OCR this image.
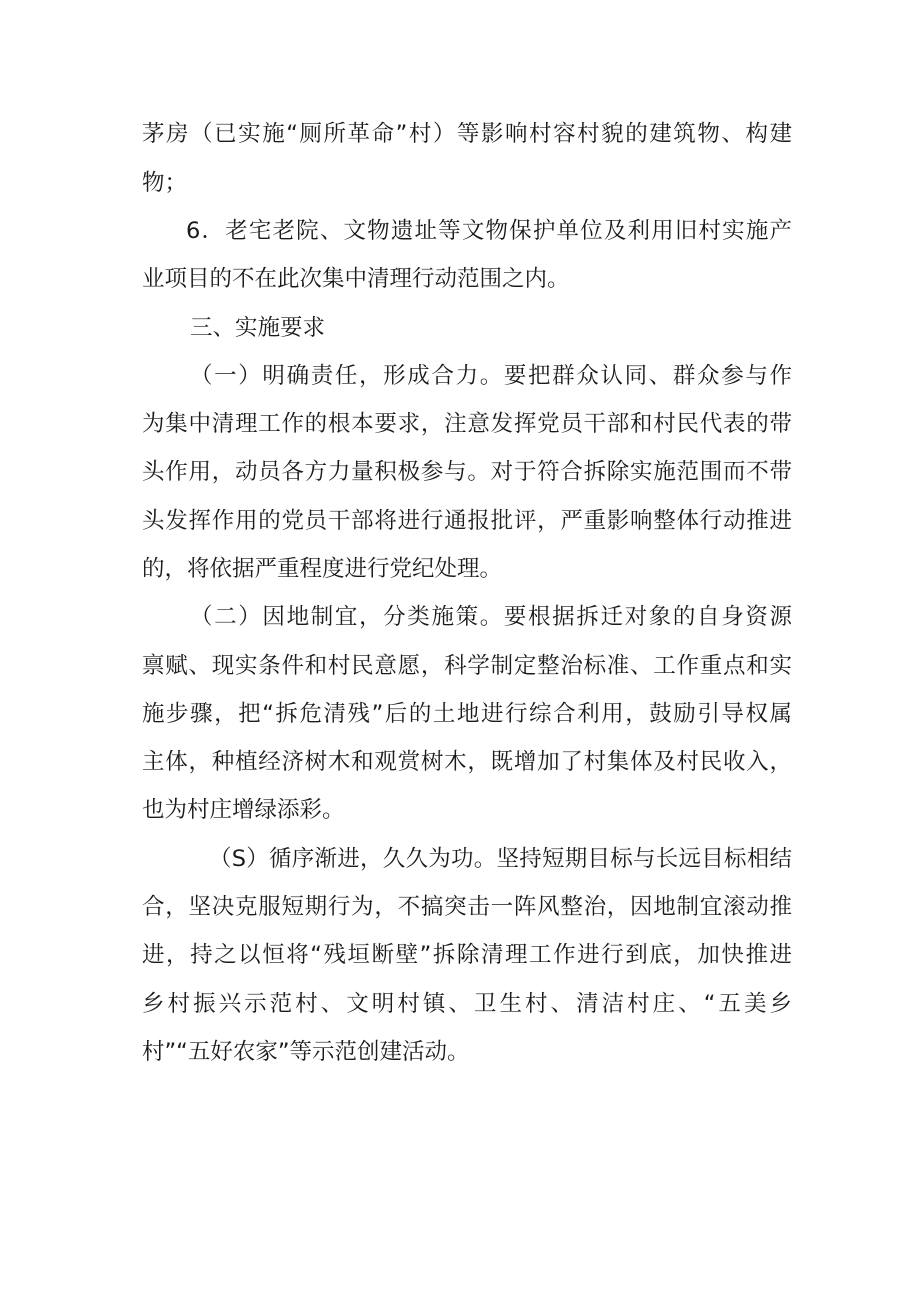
茅房（已实施“厕所革命”村）等影响村容村貌的建筑物、构建
物；
6．老宅老院、文物遗址等文物保护单位及利用旧村实施产
业项目的不在此次集中清理行动范围之内。
三、实施要求
（一）明确责任，形成合力。要把群众认同、群众参与作
为集中清理工作的根本要求，注意发挥党员干部和村民代表的带
头作用，动员各方力量积极参与。对于符合拆除实施范围而不带
头发挥作用的党员干部将进行通报批评，严重影响整体行动推进
的，将依据严重程度进行党纪处理。
（二）因地制宜，分类施策。要根据拆迁对象的自身资源
禀赋、现实条件和村民意愿，科学制定整治标准、工作重点和实
施步骤，把“拆危清残”后的土地进行综合利用，鼓励引导权属
主体，种植经济树木和观赏树木，既增加了村集体及村民收入，
也为村庄增绿添彩。
（S）循序渐进，久久为功。坚持短期目标与长远目标相结
合，坚决克服短期行为，不搞突击一阵风整治，因地制宜滚动推
进，持之以恒将“残垣断壁”拆除清理工作进行到底，加快推进
乡村振兴示范村、文明村镇、卫生村、清洁村庄、“五美乡
村”“五好农家”等示范创建活动。
